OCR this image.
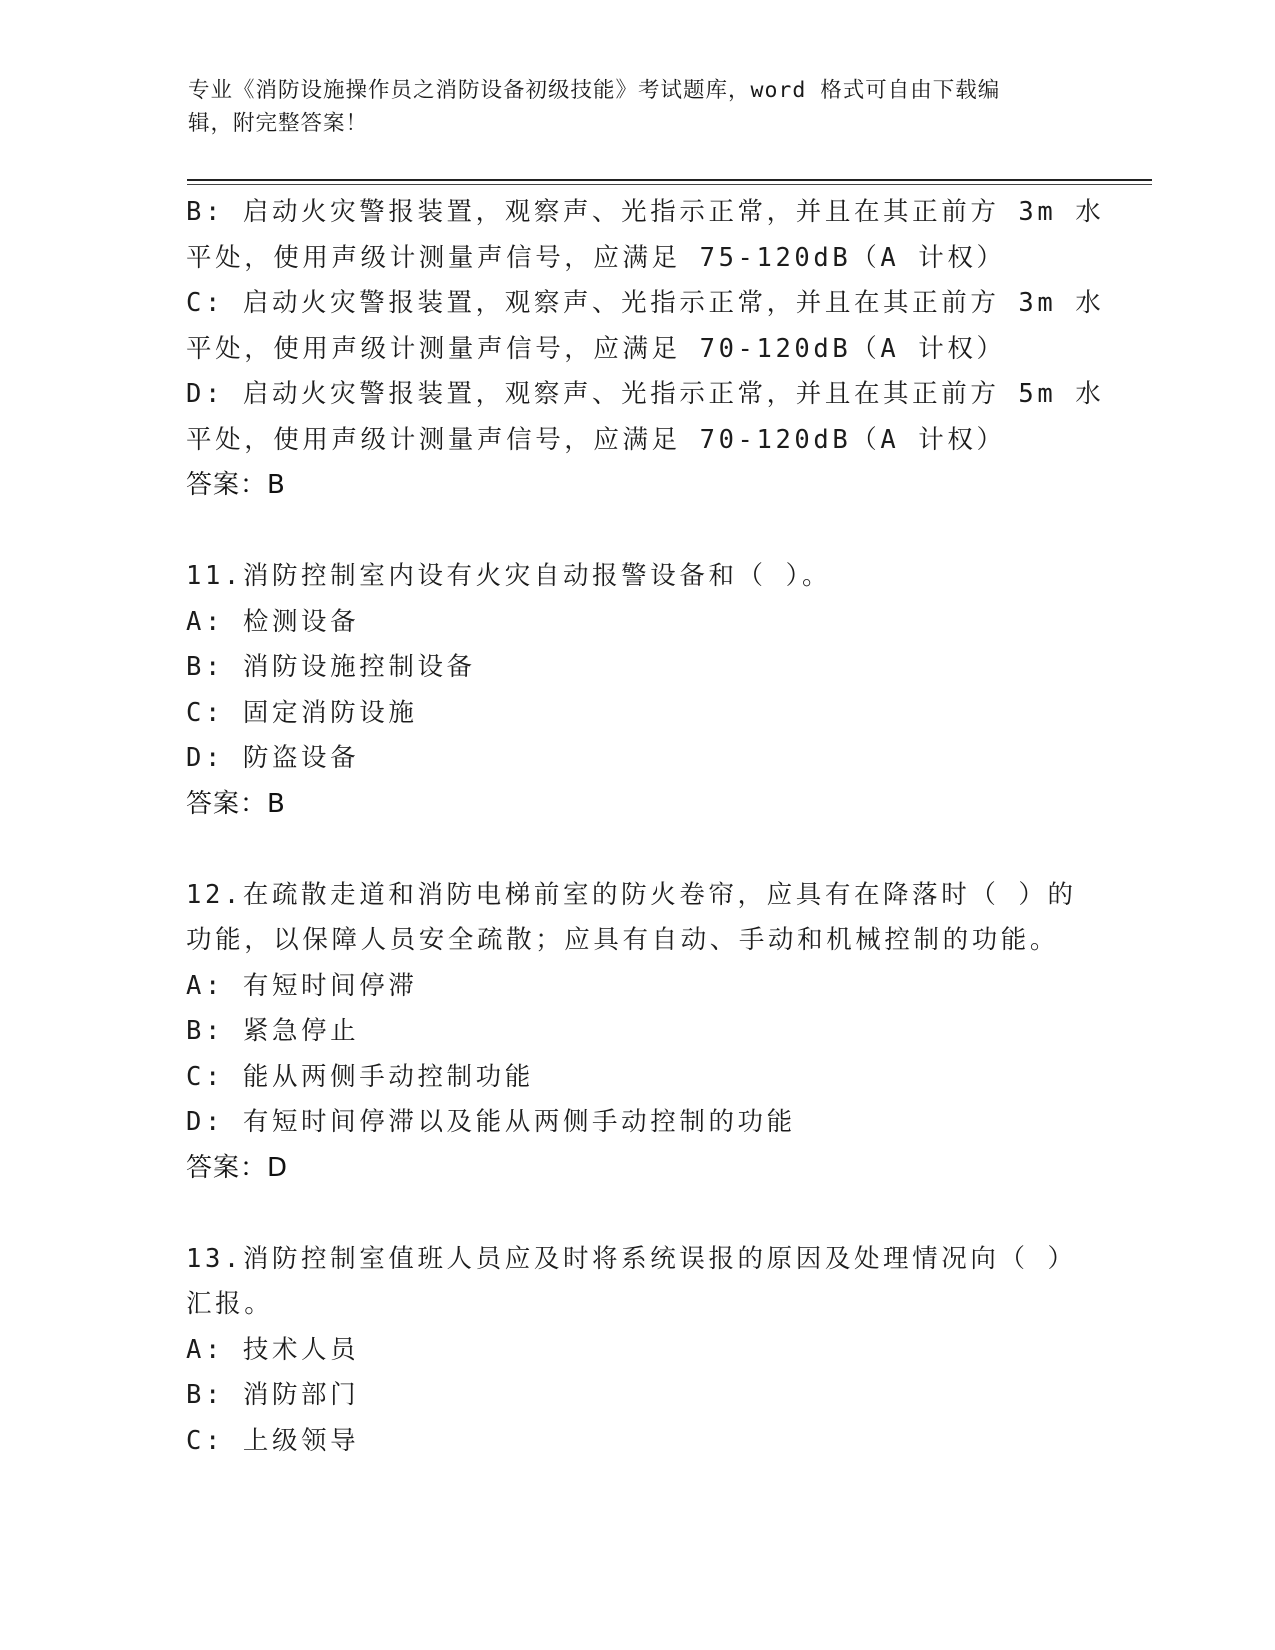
专业《消防设施操作员之消防设备初级技能》考试题库，word 格式可自由下载编
辑，附完整答案！
B: 启动火灾警报装置，观察声、光指示正常，并且在其正前方 3m 水
平处，使用声级计测量声信号，应满足 75-120dB（A 计权）
C: 启动火灾警报装置，观察声、光指示正常，并且在其正前方 3m 水
平处，使用声级计测量声信号，应满足 70-120dB（A 计权）
D: 启动火灾警报装置，观察声、光指示正常，并且在其正前方 5m 水
平处，使用声级计测量声信号，应满足 70-120dB（A 计权）
答案：B
11.消防控制室内设有火灾自动报警设备和（ ）。
A: 检测设备
B: 消防设施控制设备
C: 固定消防设施
D: 防盗设备
答案：B
12.在疏散走道和消防电梯前室的防火卷帘，应具有在降落时（ ）的
功能，以保障人员安全疏散；应具有自动、手动和机械控制的功能。
A: 有短时间停滞
B: 紧急停止
C: 能从两侧手动控制功能
D: 有短时间停滞以及能从两侧手动控制的功能
答案：D
13.消防控制室值班人员应及时将系统误报的原因及处理情况向（ ）
汇报。
A: 技术人员
B: 消防部门
C: 上级领导
